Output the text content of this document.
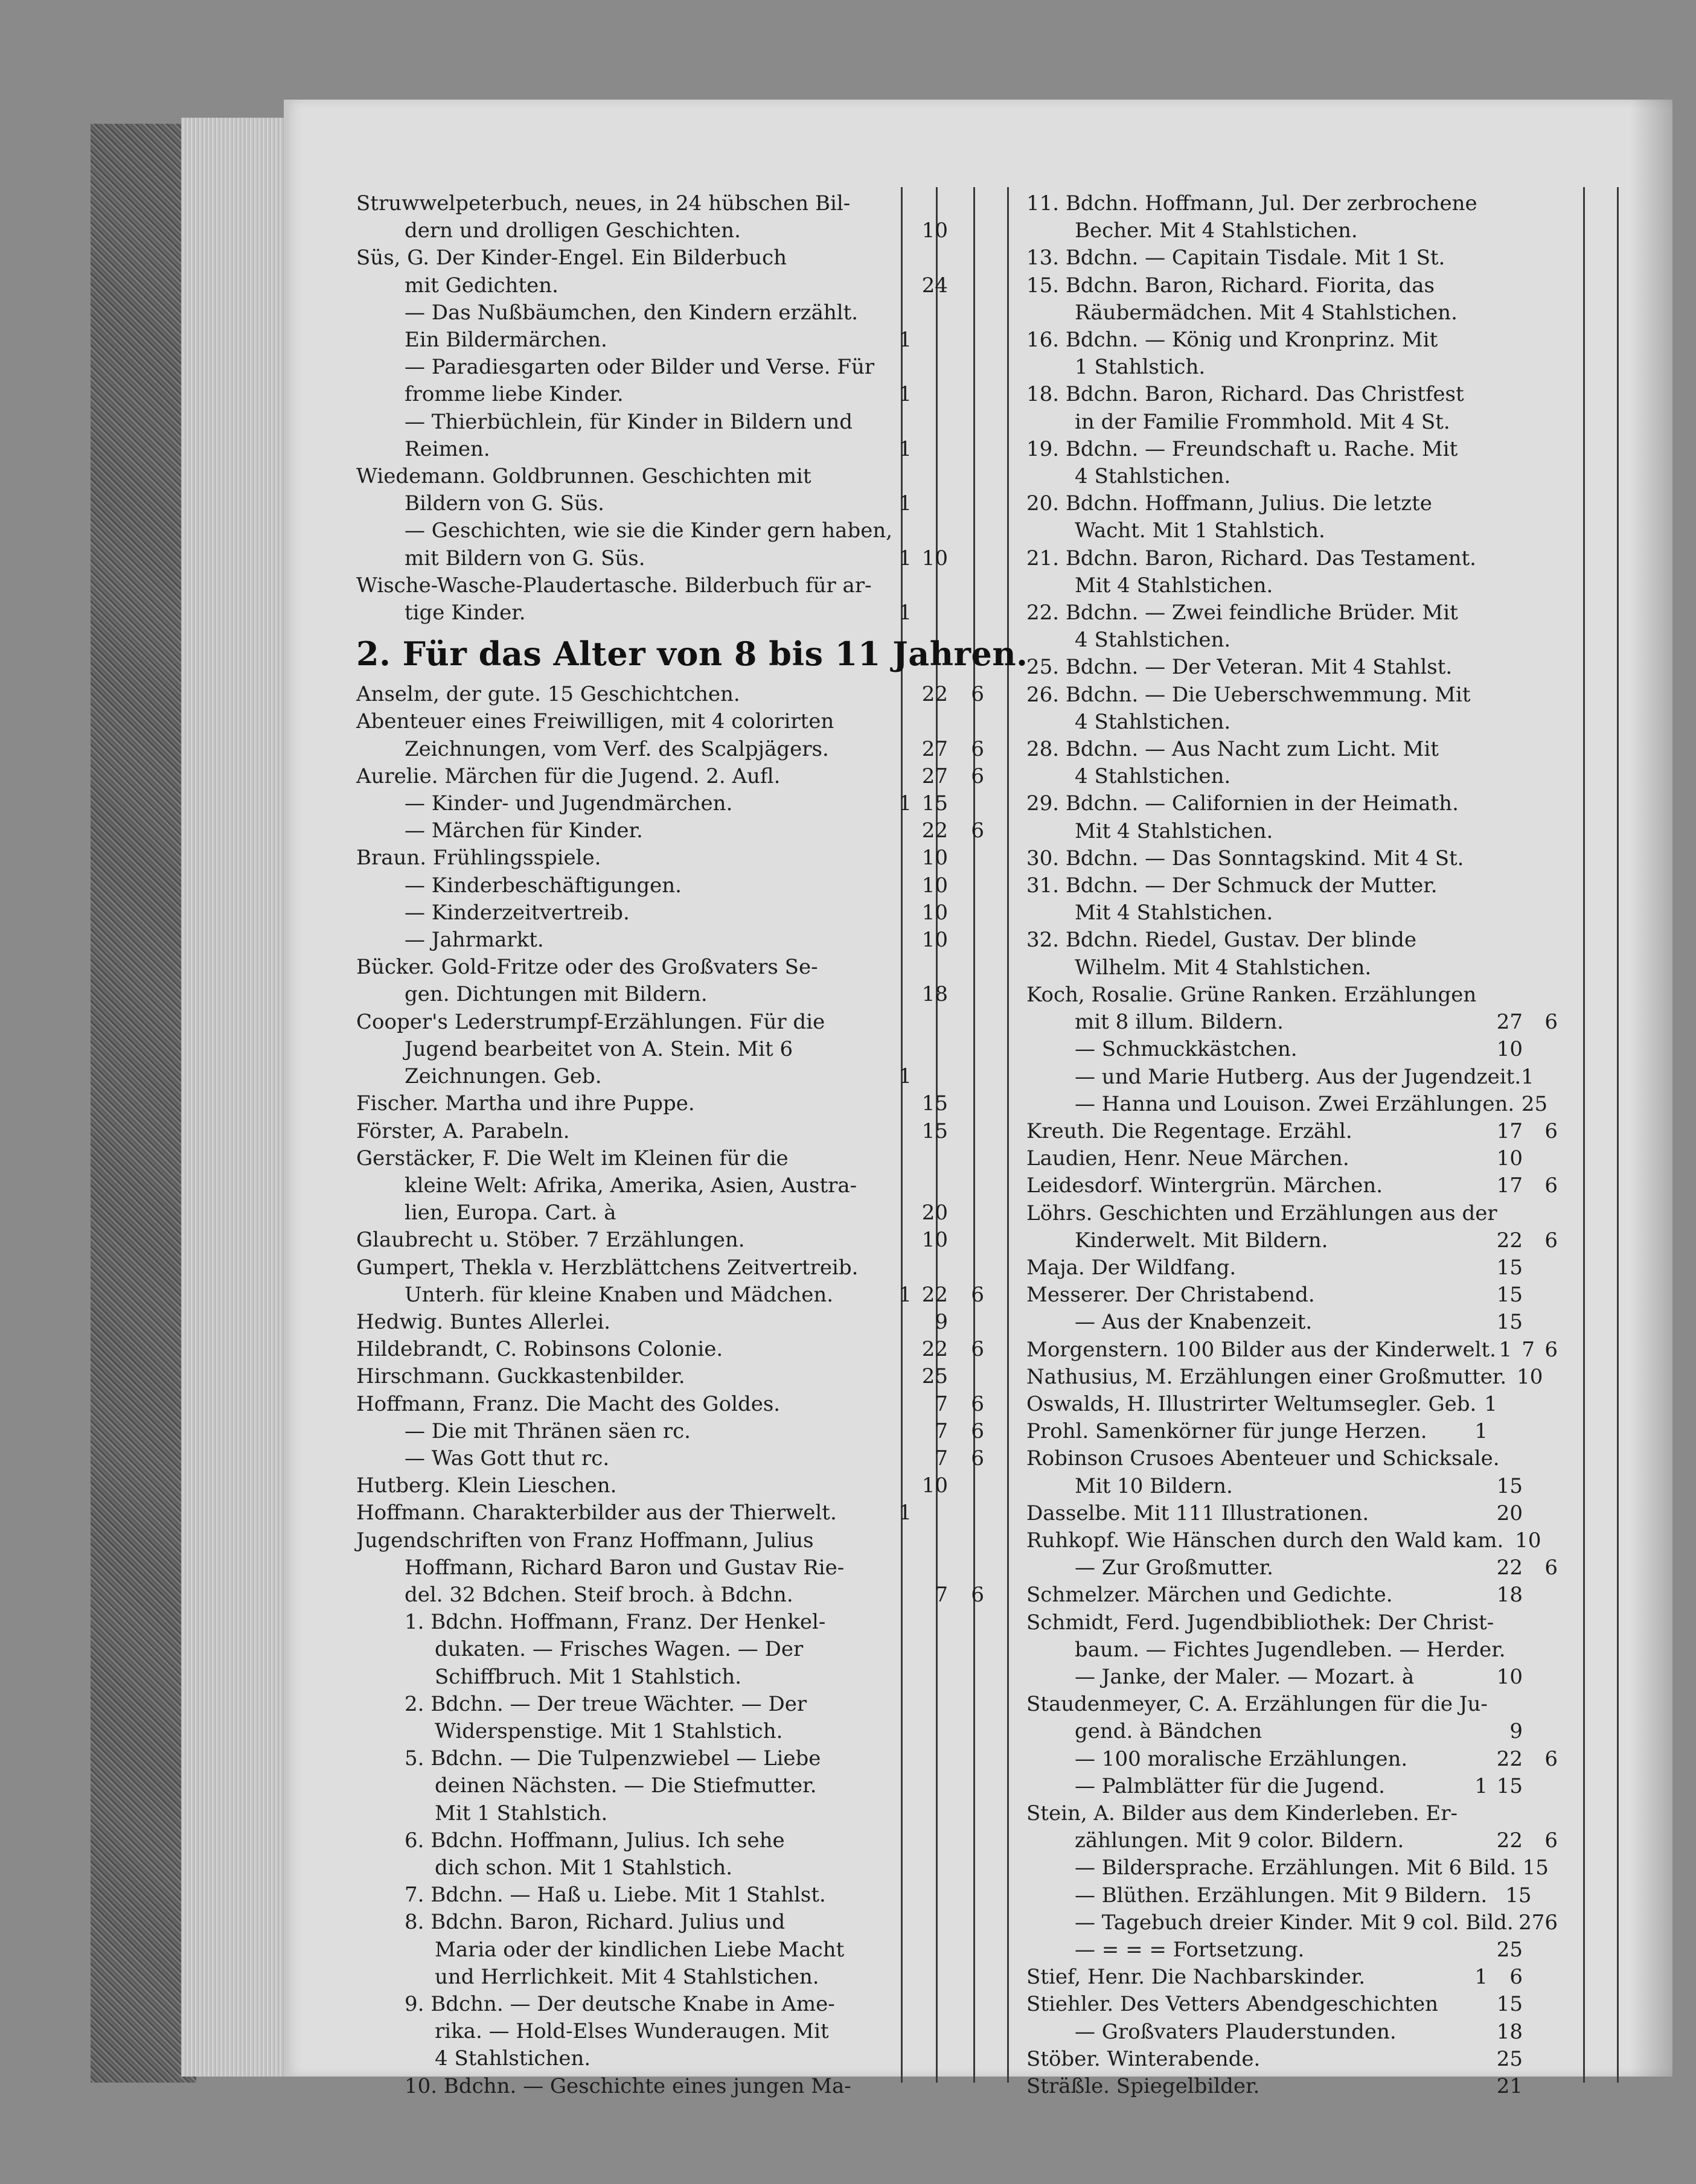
Struwwelpeterbuch, neues, in 24 hübschen Bil-
dern und drolligen Geschichten.	10
Süs, G. Der Kinder-Engel. Ein Bilderbuch
mit Gedichten.	24
— Das Nußbäumchen, den Kindern erzählt.
Ein Bildermärchen.	1
— Paradiesgarten oder Bilder und Verse. Für
fromme liebe Kinder.	1
— Thierbüchlein, für Kinder in Bildern und
Reimen.	1
Wiedemann. Goldbrunnen. Geschichten mit
Bildern von G. Süs.	1
— Geschichten, wie sie die Kinder gern haben,
mit Bildern von G. Süs.	1 10
Wische-Wasche-Plaudertasche. Bilderbuch für ar-
tige Kinder.	1
2. Für das Alter von 8 bis 11 Jahren.
Anselm, der gute. 15 Geschichtchen.	22	6
Abenteuer eines Freiwilligen, mit 4 colorirten
Zeichnungen, vom Verf. des Scalpjägers.	27	6
Aurelie. Märchen für die Jugend. 2. Aufl.	27	6
— Kinder- und Jugendmärchen.	1 15
— Märchen für Kinder.	22	6
Braun. Frühlingsspiele.	10
— Kinderbeschäftigungen.	10
— Kinderzeitvertreib.	10
— Jahrmarkt.	10
Bücker. Gold-Fritze oder des Großvaters Se-
gen. Dichtungen mit Bildern.	18
Cooper's Lederstrumpf-Erzählungen. Für die
Jugend bearbeitet von A. Stein. Mit 6
Zeichnungen. Geb.	1
Fischer. Martha und ihre Puppe.	15
Förster, A. Parabeln.	15
Gerstäcker, F. Die Welt im Kleinen für die
kleine Welt: Afrika, Amerika, Asien, Austra-
lien, Europa. Cart. à	20
Glaubrecht u. Stöber. 7 Erzählungen.	10
Gumpert, Thekla v. Herzblättchens Zeitvertreib.
Unterh. für kleine Knaben und Mädchen.	1 22	6
Hedwig. Buntes Allerlei.	9
Hildebrandt, C. Robinsons Colonie.	22	6
Hirschmann. Guckkastenbilder.	25
Hoffmann, Franz. Die Macht des Goldes.	7	6
— Die mit Thränen säen rc.	7	6
— Was Gott thut rc.	7	6
Hutberg. Klein Lieschen.	10
Hoffmann. Charakterbilder aus der Thierwelt.	1
Jugendschriften von Franz Hoffmann, Julius
Hoffmann, Richard Baron und Gustav Rie-
del. 32 Bdchen. Steif broch. à Bdchn.	7	6
1. Bdchn. Hoffmann, Franz. Der Henkel-
dukaten. — Frisches Wagen. — Der
Schiffbruch. Mit 1 Stahlstich.
2. Bdchn. — Der treue Wächter. — Der
Widerspenstige. Mit 1 Stahlstich.
5. Bdchn. — Die Tulpenzwiebel — Liebe
deinen Nächsten. — Die Stiefmutter.
Mit 1 Stahlstich.
6. Bdchn. Hoffmann, Julius. Ich sehe
dich schon. Mit 1 Stahlstich.
7. Bdchn. — Haß u. Liebe. Mit 1 Stahlst.
8. Bdchn. Baron, Richard. Julius und
Maria oder der kindlichen Liebe Macht
und Herrlichkeit. Mit 4 Stahlstichen.
9. Bdchn. — Der deutsche Knabe in Ame-
rika. — Hold-Elses Wunderaugen. Mit
4 Stahlstichen.
10. Bdchn. — Geschichte eines jungen Ma-
11. Bdchn. Hoffmann, Jul. Der zerbrochene
Becher. Mit 4 Stahlstichen.
13. Bdchn. — Capitain Tisdale. Mit 1 St.
15. Bdchn. Baron, Richard. Fiorita, das
Räubermädchen. Mit 4 Stahlstichen.
16. Bdchn. — König und Kronprinz. Mit
1 Stahlstich.
18. Bdchn. Baron, Richard. Das Christfest
in der Familie Frommhold. Mit 4 St.
19. Bdchn. — Freundschaft u. Rache. Mit
4 Stahlstichen.
20. Bdchn. Hoffmann, Julius. Die letzte
Wacht. Mit 1 Stahlstich.
21. Bdchn. Baron, Richard. Das Testament.
Mit 4 Stahlstichen.
22. Bdchn. — Zwei feindliche Brüder. Mit
4 Stahlstichen.
25. Bdchn. — Der Veteran. Mit 4 Stahlst.
26. Bdchn. — Die Ueberschwemmung. Mit
4 Stahlstichen.
28. Bdchn. — Aus Nacht zum Licht. Mit
4 Stahlstichen.
29. Bdchn. — Californien in der Heimath.
Mit 4 Stahlstichen.
30. Bdchn. — Das Sonntagskind. Mit 4 St.
31. Bdchn. — Der Schmuck der Mutter.
Mit 4 Stahlstichen.
32. Bdchn. Riedel, Gustav. Der blinde
Wilhelm. Mit 4 Stahlstichen.
Koch, Rosalie. Grüne Ranken. Erzählungen
mit 8 illum. Bildern.	27	6
— Schmuckkästchen.	10
— und Marie Hutberg. Aus der Jugendzeit. 1
— Hanna und Louison. Zwei Erzählungen. 25
Kreuth. Die Regentage. Erzähl.	17	6
Laudien, Henr. Neue Märchen.	10
Leidesdorf. Wintergrün. Märchen.	17	6
Löhrs. Geschichten und Erzählungen aus der
Kinderwelt. Mit Bildern.	22	6
Maja. Der Wildfang.	15
Messerer. Der Christabend.	15
— Aus der Knabenzeit.	15
Morgenstern. 100 Bilder aus der Kinderwelt. 1 7 6
Nathusius, M. Erzählungen einer Großmutter. 10
Oswalds, H. Illustrirter Weltumsegler. Geb. 1
Prohl. Samenkörner für junge Herzen.	1
Robinson Crusoes Abenteuer und Schicksale.
Mit 10 Bildern.	15
Dasselbe. Mit 111 Illustrationen.	20
Ruhkopf. Wie Hänschen durch den Wald kam. 10
— Zur Großmutter.	22	6
Schmelzer. Märchen und Gedichte.	18
Schmidt, Ferd. Jugendbibliothek: Der Christ-
baum. — Fichtes Jugendleben. — Herder.
— Janke, der Maler. — Mozart. à	10
Staudenmeyer, C. A. Erzählungen für die Ju-
gend. à Bändchen	9
— 100 moralische Erzählungen.	22	6
— Palmblätter für die Jugend.	1 15
Stein, A. Bilder aus dem Kinderleben. Er-
zählungen. Mit 9 color. Bildern.	22	6
— Bildersprache. Erzählungen. Mit 6 Bild. 15
— Blüthen. Erzählungen. Mit 9 Bildern. 15
— Tagebuch dreier Kinder. Mit 9 col. Bild. 27 6
— = = = Fortsetzung.	25
Stief, Henr. Die Nachbarskinder.	1	6
Stiehler. Des Vetters Abendgeschichten	15
— Großvaters Plauderstunden.	18
Stöber. Winterabende.	25
Sträßle. Spiegelbilder.	21
